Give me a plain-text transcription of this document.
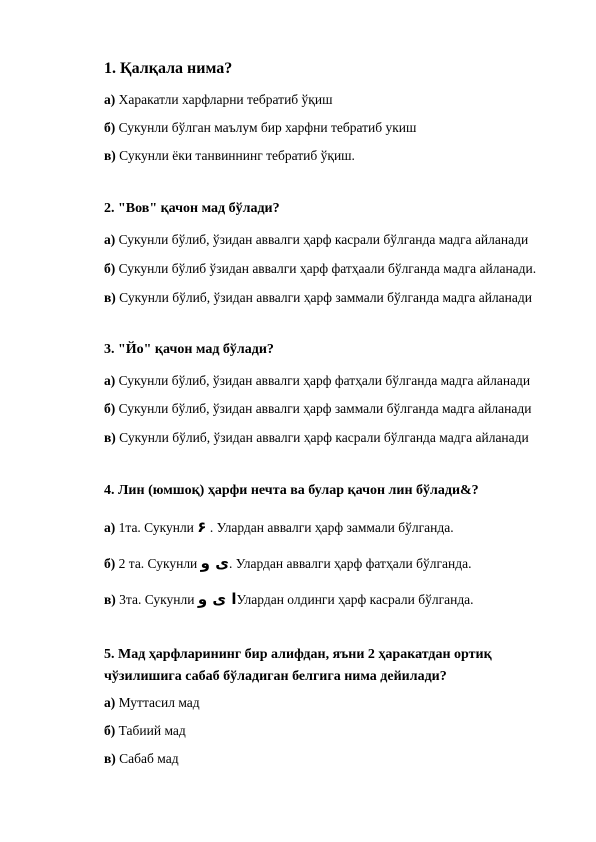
1. Қалқала нима?
а) Харакатли харфларни тебратиб ўқиш
б) Сукунли бўлган маълум бир харфни тебратиб укиш
в) Сукунли ёки танвиннинг тебратиб ўқиш.
2. "Вов" қачон мад бўлади?
а) Сукунли бўлиб, ўзидан аввалги ҳарф касрали бўлганда мадга айланади
б) Сукунли бўлиб ўзидан аввалги ҳарф фатҳаали бўлганда мадга айланади.
в) Сукунли бўлиб, ўзидан аввалги ҳарф заммали бўлганда мадга айланади
3. "Йо" қачон мад бўлади?
а) Сукунли бўлиб, ўзидан аввалги ҳарф фатҳали бўлганда мадга айланади
б) Сукунли бўлиб, ўзидан аввалги ҳарф заммали бўлганда мадга айланади
в) Сукунли бўлиб, ўзидан аввалги ҳарф касрали бўлганда мадга айланади
4. Лин (юмшоқ) ҳарфи нечта ва булар қачон лин бўлади&?
а) 1та. Сукунли ۶ . Улардан аввалги ҳарф заммали бўлганда.
б) 2 та. Сукунли ی و. Улардан аввалги ҳарф фатҳали бўлганда.
в) 3та. Сукунли ا ی وУлардан олдинги ҳарф касрали бўлганда.
5. Мад ҳарфларининг бир алифдан, яъни 2 ҳаракатдан ортиқ чўзилишига сабаб бўладиган белгига нима дейилади?
а) Муттасил мад
б) Табиий мад
в) Сабаб мад
